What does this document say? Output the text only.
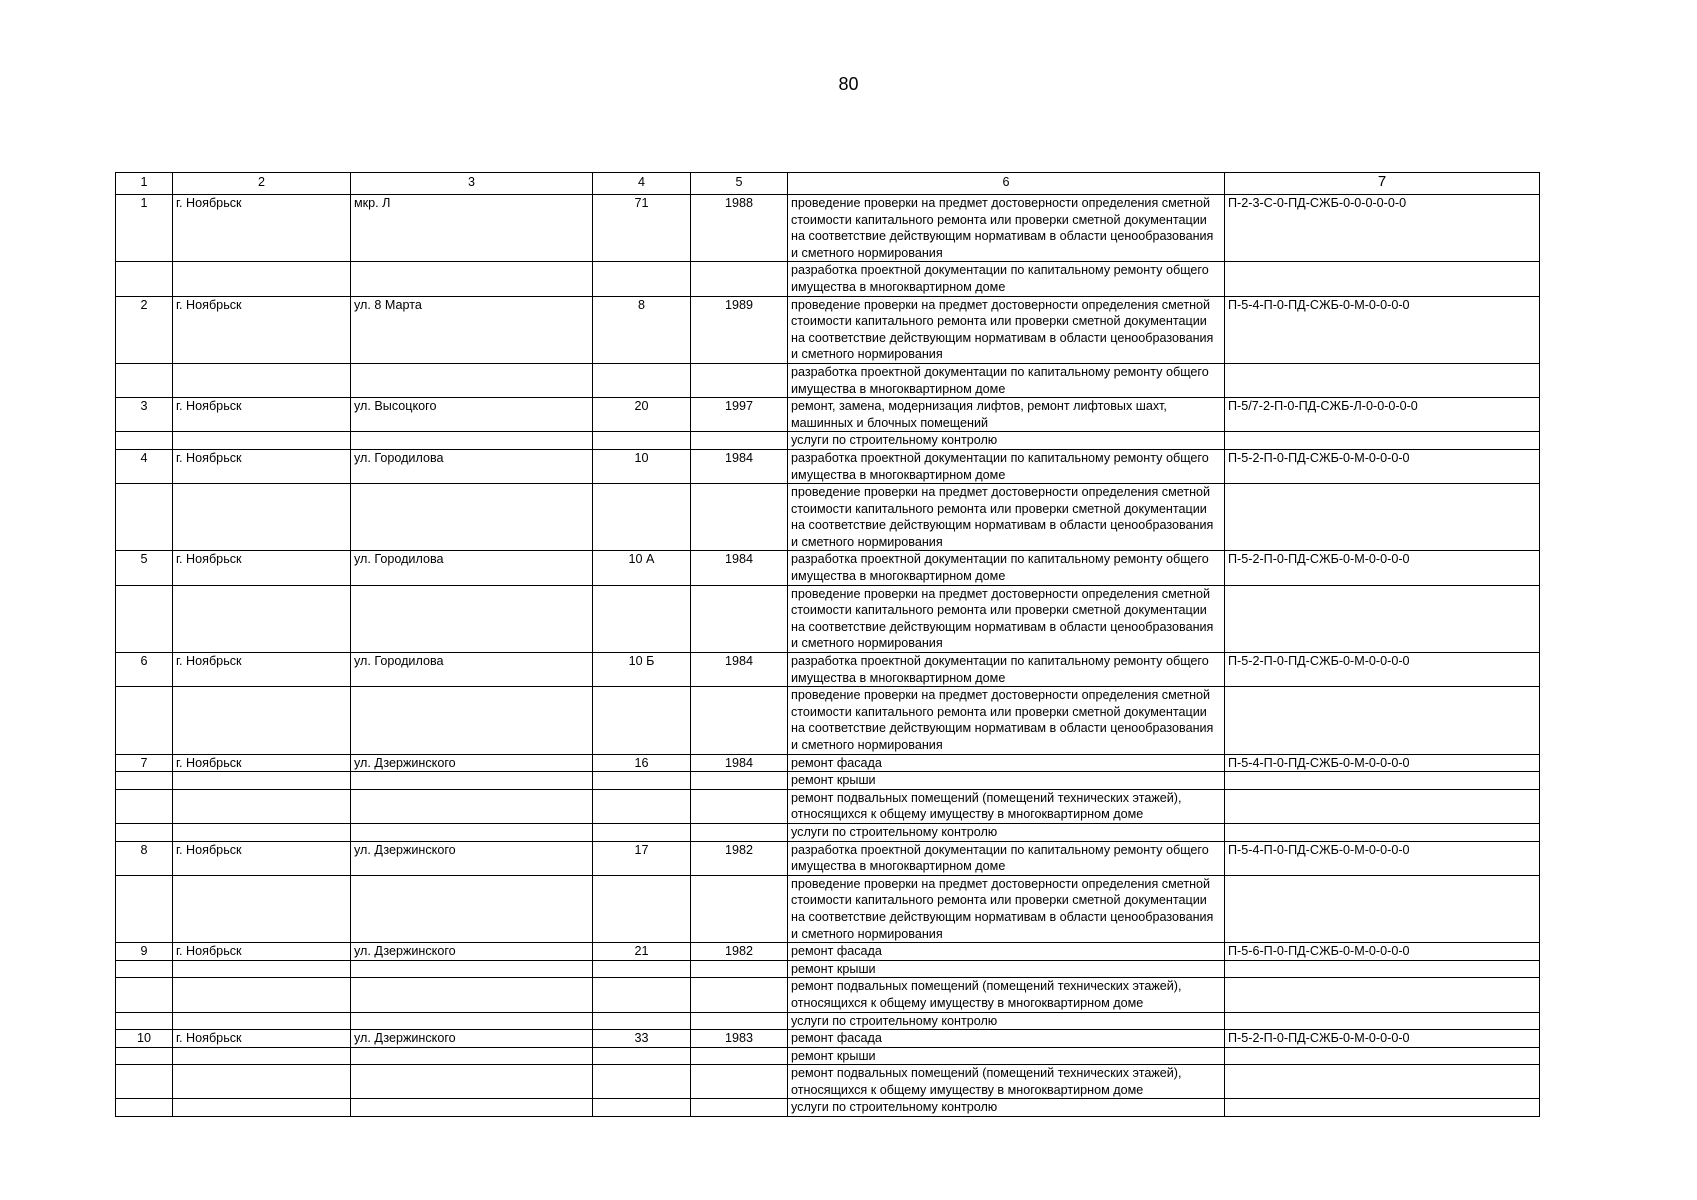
80
1	2	3	4	5	6	7
1	г. Ноябрьск	мкр. Л	71	1988	проведение проверки на предмет достоверности определения сметной стоимости капитального ремонта или проверки сметной документации на соответствие действующим нормативам в области ценообразования и сметного нормирования	П-2-3-С-0-ПД-СЖБ-0-0-0-0-0-0
					разработка проектной документации по капитальному ремонту общего имущества в многоквартирном доме	
2	г. Ноябрьск	ул. 8 Марта	8	1989	проведение проверки на предмет достоверности определения сметной стоимости капитального ремонта или проверки сметной документации на соответствие действующим нормативам в области ценообразования и сметного нормирования	П-5-4-П-0-ПД-СЖБ-0-М-0-0-0-0
					разработка проектной документации по капитальному ремонту общего имущества в многоквартирном доме	
3	г. Ноябрьск	ул. Высоцкого	20	1997	ремонт, замена, модернизация лифтов, ремонт лифтовых шахт, машинных и блочных помещений	П-5/7-2-П-0-ПД-СЖБ-Л-0-0-0-0-0
					услуги по строительному контролю	
4	г. Ноябрьск	ул. Городилова	10	1984	разработка проектной документации по капитальному ремонту общего имущества в многоквартирном доме	П-5-2-П-0-ПД-СЖБ-0-М-0-0-0-0
					проведение проверки на предмет достоверности определения сметной стоимости капитального ремонта или проверки сметной документации на соответствие действующим нормативам в области ценообразования и сметного нормирования	
5	г. Ноябрьск	ул. Городилова	10 А	1984	разработка проектной документации по капитальному ремонту общего имущества в многоквартирном доме	П-5-2-П-0-ПД-СЖБ-0-М-0-0-0-0
					проведение проверки на предмет достоверности определения сметной стоимости капитального ремонта или проверки сметной документации на соответствие действующим нормативам в области ценообразования и сметного нормирования	
6	г. Ноябрьск	ул. Городилова	10 Б	1984	разработка проектной документации по капитальному ремонту общего имущества в многоквартирном доме	П-5-2-П-0-ПД-СЖБ-0-М-0-0-0-0
					проведение проверки на предмет достоверности определения сметной стоимости капитального ремонта или проверки сметной документации на соответствие действующим нормативам в области ценообразования и сметного нормирования	
7	г. Ноябрьск	ул. Дзержинского	16	1984	ремонт фасада	П-5-4-П-0-ПД-СЖБ-0-М-0-0-0-0
					ремонт крыши	
					ремонт подвальных помещений (помещений технических этажей), относящихся к общему имуществу в многоквартирном доме	
					услуги по строительному контролю	
8	г. Ноябрьск	ул. Дзержинского	17	1982	разработка проектной документации по капитальному ремонту общего имущества в многоквартирном доме	П-5-4-П-0-ПД-СЖБ-0-М-0-0-0-0
					проведение проверки на предмет достоверности определения сметной стоимости капитального ремонта или проверки сметной документации на соответствие действующим нормативам в области ценообразования и сметного нормирования	
9	г. Ноябрьск	ул. Дзержинского	21	1982	ремонт фасада	П-5-6-П-0-ПД-СЖБ-0-М-0-0-0-0
					ремонт крыши	
					ремонт подвальных помещений (помещений технических этажей), относящихся к общему имуществу в многоквартирном доме	
					услуги по строительному контролю	
10	г. Ноябрьск	ул. Дзержинского	33	1983	ремонт фасада	П-5-2-П-0-ПД-СЖБ-0-М-0-0-0-0
					ремонт крыши	
					ремонт подвальных помещений (помещений технических этажей), относящихся к общему имуществу в многоквартирном доме	
					услуги по строительному контролю	
